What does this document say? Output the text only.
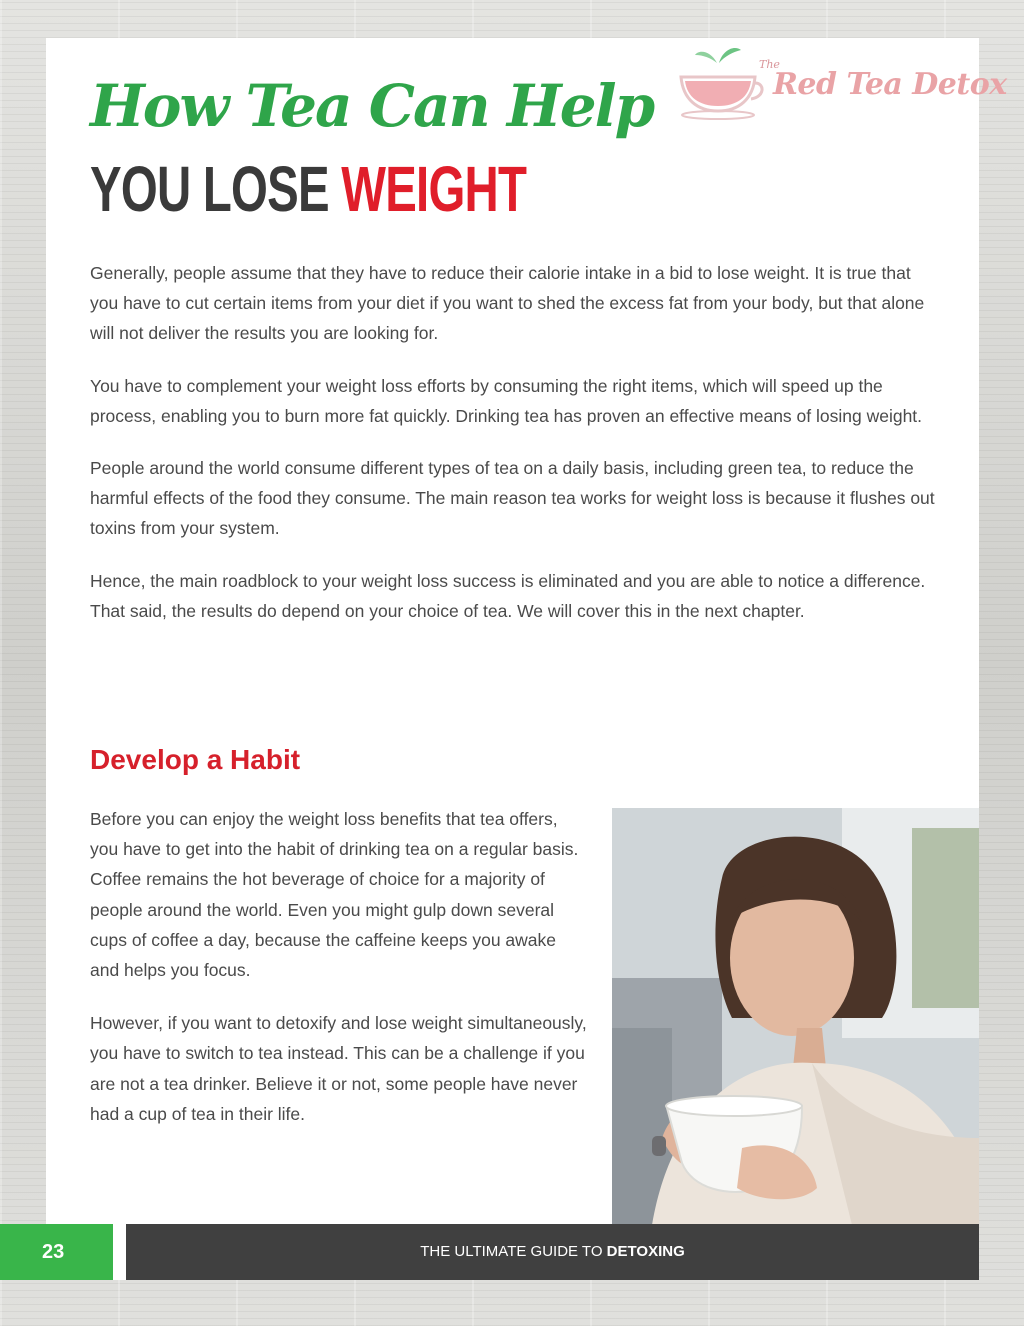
The
Red Tea Detox
How Tea Can Help
YOU LOSE WEIGHT

Generally, people assume that they have to reduce their calorie intake in a bid to lose weight. It is true that you have to cut certain items from your diet if you want to shed the excess fat from your body, but that alone will not deliver the results you are looking for.

You have to complement your weight loss efforts by consuming the right items, which will speed up the process, enabling you to burn more fat quickly. Drinking tea has proven an effective means of losing weight.

People around the world consume different types of tea on a daily basis, including green tea, to reduce the harmful effects of the food they consume. The main reason tea works for weight loss is because it flushes out toxins from your system.

Hence, the main roadblock to your weight loss success is eliminated and you are able to notice a difference. That said, the results do depend on your choice of tea. We will cover this in the next chapter.

Develop a Habit

Before you can enjoy the weight loss benefits that tea offers, you have to get into the habit of drinking tea on a regular basis. Coffee remains the hot beverage of choice for a majority of people around the world. Even you might gulp down several cups of coffee a day, because the caffeine keeps you awake and helps you focus.

However, if you want to detoxify and lose weight simultaneously, you have to switch to tea instead. This can be a challenge if you are not a tea drinker. Believe it or not, some people have never had a cup of tea in their life.

23	THE ULTIMATE GUIDE TO DETOXING
